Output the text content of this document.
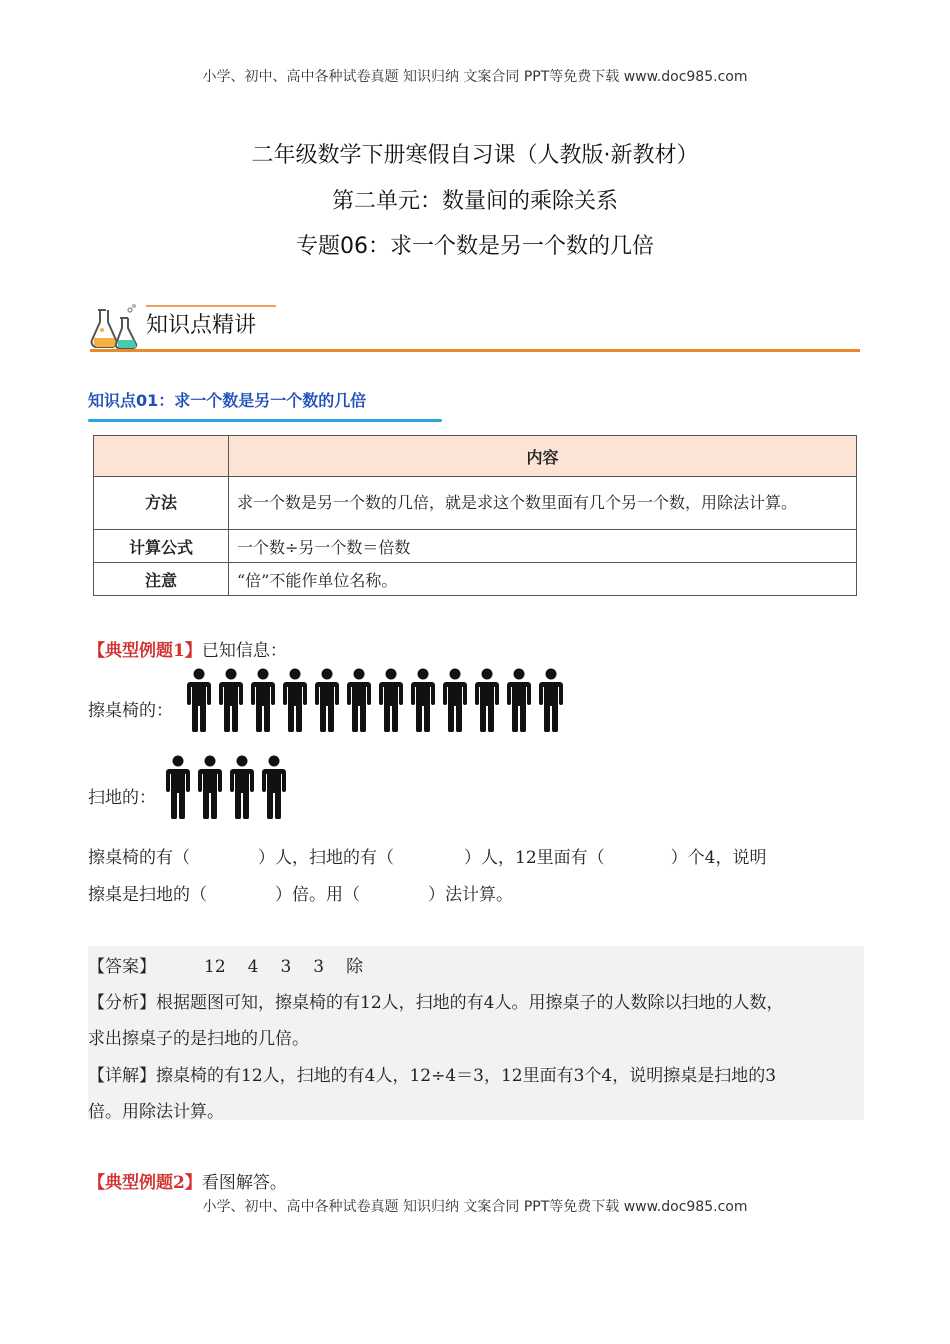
小学、初中、高中各种试卷真题 知识归纳 文案合同 PPT等免费下载 www.doc985.com
二年级数学下册寒假自习课（人教版·新教材）
第二单元：数量间的乘除关系
专题06：求一个数是另一个数的几倍
知识点精讲
知识点01：求一个数是另一个数的几倍
	内容
方法	求一个数是另一个数的几倍，就是求这个数里面有几个另一个数，用除法计算。
计算公式	一个数÷另一个数＝倍数
注意	“倍”不能作单位名称。
【典型例题1】已知信息：
擦桌椅的：
扫地的：
擦桌椅的有（	）人，扫地的有（	）人，12里面有（	）个4，说明
擦桌是扫地的（	）倍。用（	）法计算。
【答案】	12 4 3 3 除
【分析】根据题图可知，擦桌椅的有12人，扫地的有4人。用擦桌子的人数除以扫地的人数，
求出擦桌子的是扫地的几倍。
【详解】擦桌椅的有12人，扫地的有4人，12÷4＝3，12里面有3个4，说明擦桌是扫地的3
倍。用除法计算。
【典型例题2】看图解答。
小学、初中、高中各种试卷真题 知识归纳 文案合同 PPT等免费下载 www.doc985.com
